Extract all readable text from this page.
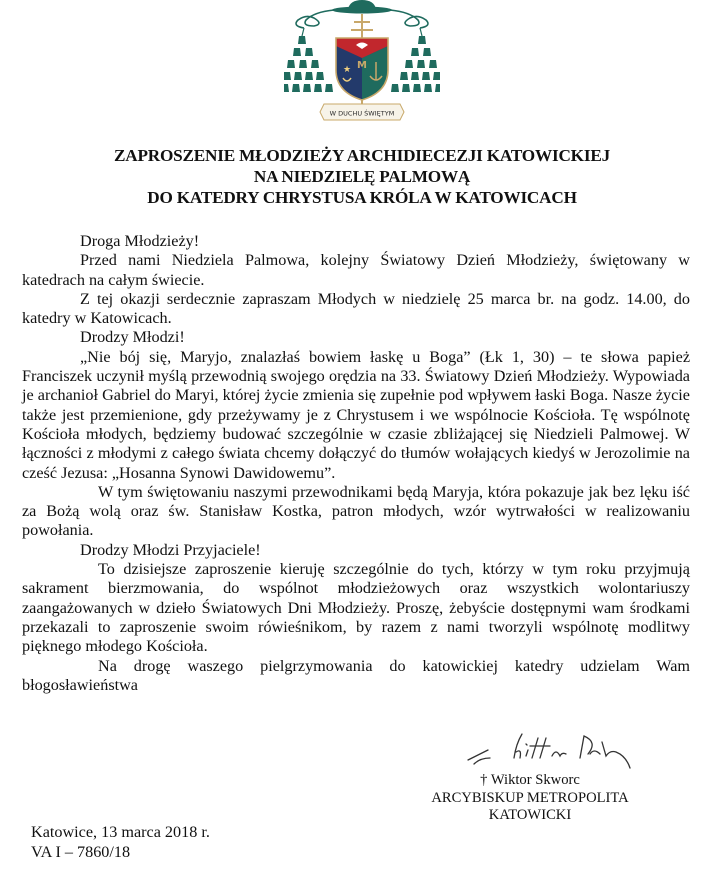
M
★
W DUCHU ŚWIĘTYM
ZAPROSZENIE MŁODZIEŻY ARCHIDIECEZJI KATOWICKIEJ
NA NIEDZIELĘ PALMOWĄ
DO KATEDRY CHRYSTUSA KRÓLA W KATOWICACH

Droga Młodzieży!

Przed nami Niedziela Palmowa, kolejny Światowy Dzień Młodzieży, świętowany w katedrach na całym świecie.

Z tej okazji serdecznie zapraszam Młodych w niedzielę 25 marca br. na godz. 14.00, do katedry w Katowicach.

Drodzy Młodzi!

„Nie bój się, Maryjo, znalazłaś bowiem łaskę u Boga” (Łk 1, 30) – te słowa papież Franciszek uczynił myślą przewodnią swojego orędzia na 33. Światowy Dzień Młodzieży. Wypowiada je archanioł Gabriel do Maryi, której życie zmienia się zupełnie pod wpływem łaski Boga. Nasze życie także jest przemienione, gdy przeżywamy je z Chrystusem i we wspólnocie Kościoła. Tę wspólnotę Kościoła młodych, będziemy budować szczególnie w czasie zbliżającej się Niedzieli Palmowej. W łączności z młodymi z całego świata chcemy dołączyć do tłumów wołających kiedyś w Jerozolimie na cześć Jezusa: „Hosanna Synowi Dawidowemu”.

W tym świętowaniu naszymi przewodnikami będą Maryja, która pokazuje jak bez lęku iść za Bożą wolą oraz św. Stanisław Kostka, patron młodych, wzór wytrwałości w realizowaniu powołania.

Drodzy Młodzi Przyjaciele!

To dzisiejsze zaproszenie kieruję szczególnie do tych, którzy w tym roku przyjmują sakrament bierzmowania, do wspólnot młodzieżowych oraz wszystkich wolontariuszy zaangażowanych w dzieło Światowych Dni Młodzieży. Proszę, żebyście dostępnymi wam środkami przekazali to zaproszenie swoim rówieśnikom, by razem z nami tworzyli wspólnotę modlitwy pięknego młodego Kościoła.

Na drogę waszego pielgrzymowania do katowickiej katedry udzielam Wam błogosławieństwa

† Wiktor Skworc
ARCYBISKUP METROPOLITA
KATOWICKI
Katowice, 13 marca 2018 r.
VA I – 7860/18
